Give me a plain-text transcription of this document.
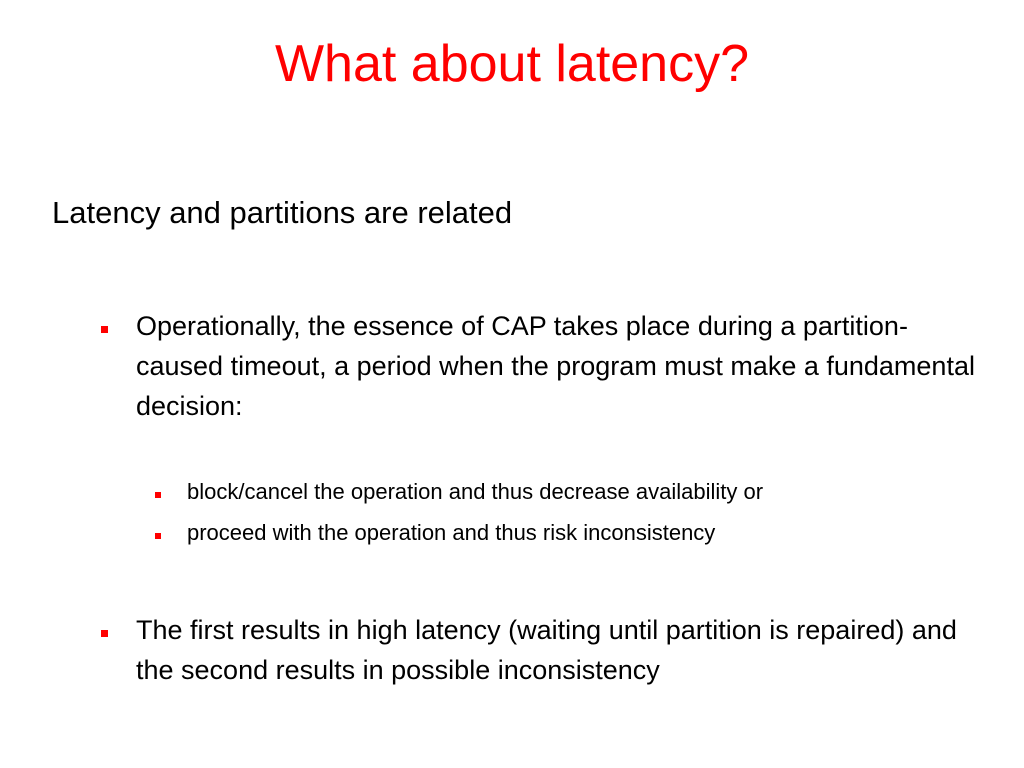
What about latency?

Latency and partitions are related

Operationally, the essence of CAP takes place during a partition-caused timeout, a period when the program must make a fundamental decision:
block/cancel the operation and thus decrease availability or
proceed with the operation and thus risk inconsistency
The first results in high latency (waiting until partition is repaired) and the second results in possible inconsistency
